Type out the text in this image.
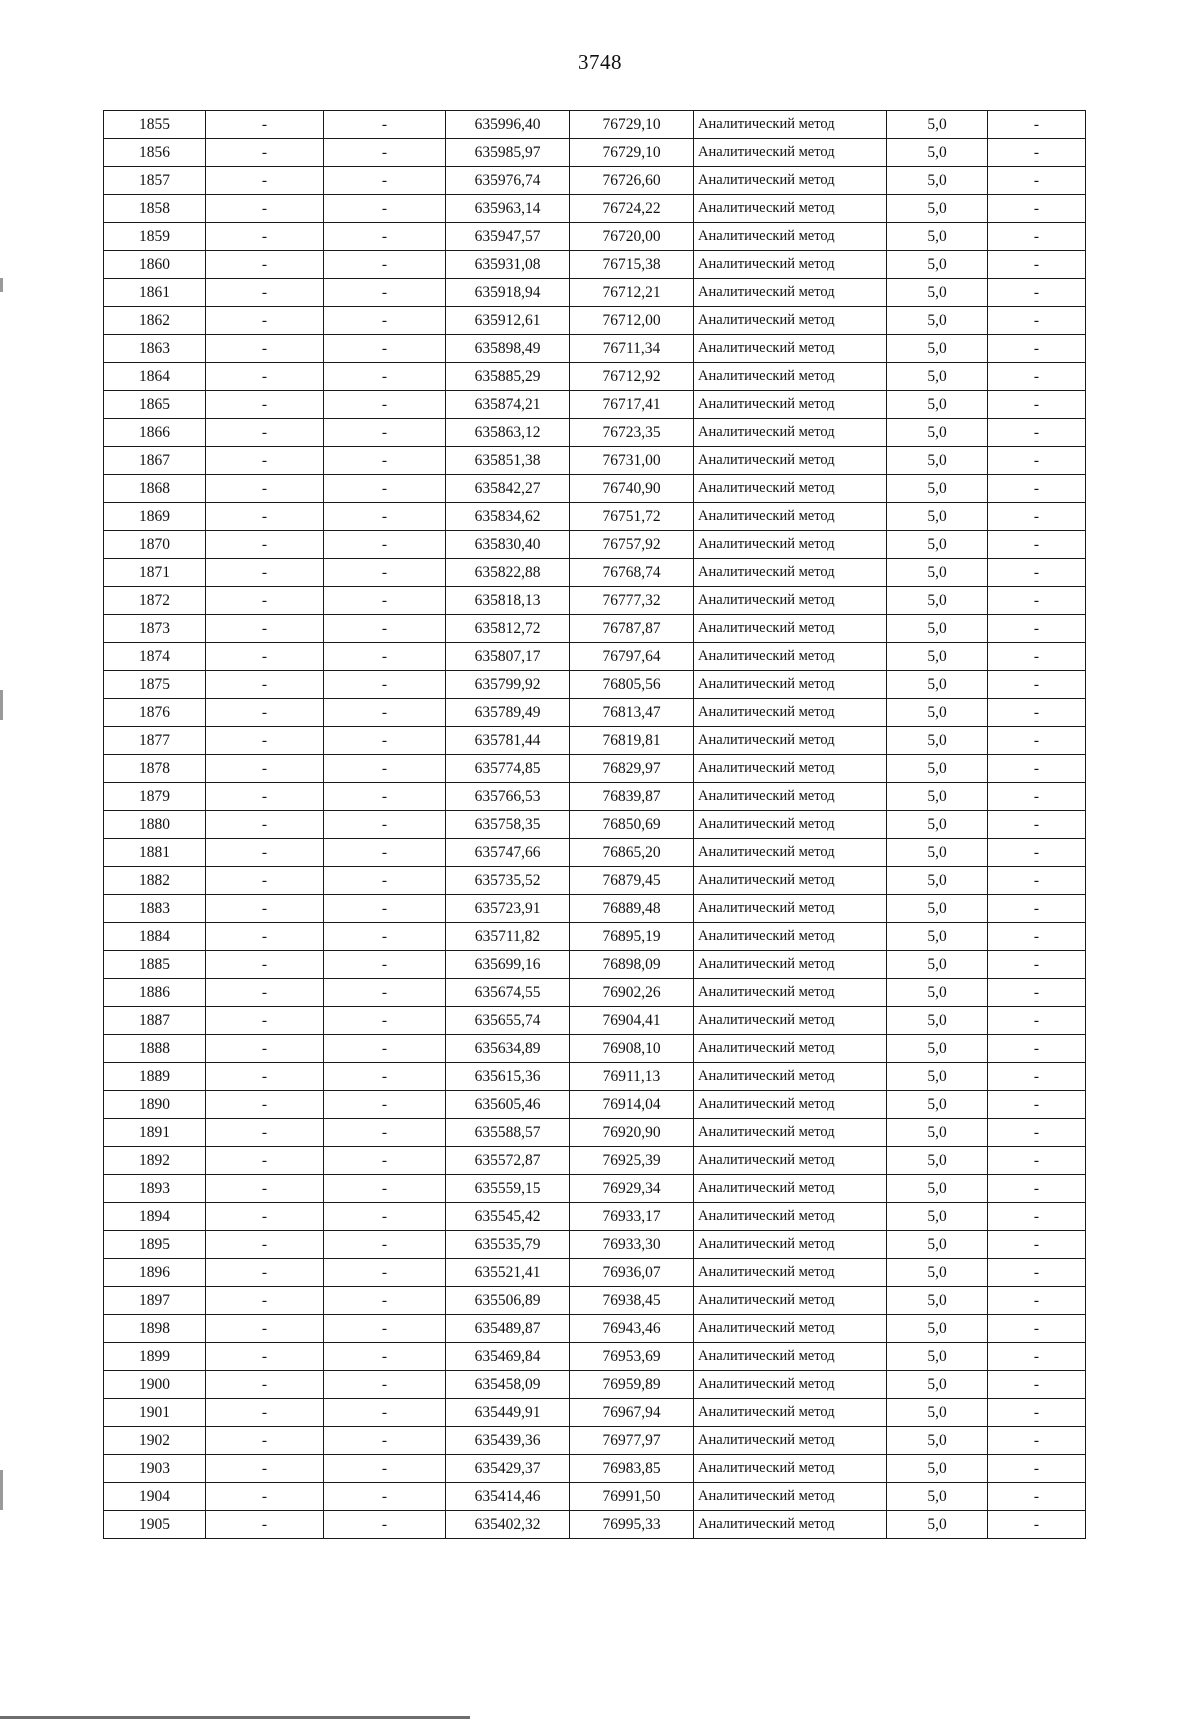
3748
1855	-	-	635996,40	76729,10	Аналитический метод	5,0	-
1856	-	-	635985,97	76729,10	Аналитический метод	5,0	-
1857	-	-	635976,74	76726,60	Аналитический метод	5,0	-
1858	-	-	635963,14	76724,22	Аналитический метод	5,0	-
1859	-	-	635947,57	76720,00	Аналитический метод	5,0	-
1860	-	-	635931,08	76715,38	Аналитический метод	5,0	-
1861	-	-	635918,94	76712,21	Аналитический метод	5,0	-
1862	-	-	635912,61	76712,00	Аналитический метод	5,0	-
1863	-	-	635898,49	76711,34	Аналитический метод	5,0	-
1864	-	-	635885,29	76712,92	Аналитический метод	5,0	-
1865	-	-	635874,21	76717,41	Аналитический метод	5,0	-
1866	-	-	635863,12	76723,35	Аналитический метод	5,0	-
1867	-	-	635851,38	76731,00	Аналитический метод	5,0	-
1868	-	-	635842,27	76740,90	Аналитический метод	5,0	-
1869	-	-	635834,62	76751,72	Аналитический метод	5,0	-
1870	-	-	635830,40	76757,92	Аналитический метод	5,0	-
1871	-	-	635822,88	76768,74	Аналитический метод	5,0	-
1872	-	-	635818,13	76777,32	Аналитический метод	5,0	-
1873	-	-	635812,72	76787,87	Аналитический метод	5,0	-
1874	-	-	635807,17	76797,64	Аналитический метод	5,0	-
1875	-	-	635799,92	76805,56	Аналитический метод	5,0	-
1876	-	-	635789,49	76813,47	Аналитический метод	5,0	-
1877	-	-	635781,44	76819,81	Аналитический метод	5,0	-
1878	-	-	635774,85	76829,97	Аналитический метод	5,0	-
1879	-	-	635766,53	76839,87	Аналитический метод	5,0	-
1880	-	-	635758,35	76850,69	Аналитический метод	5,0	-
1881	-	-	635747,66	76865,20	Аналитический метод	5,0	-
1882	-	-	635735,52	76879,45	Аналитический метод	5,0	-
1883	-	-	635723,91	76889,48	Аналитический метод	5,0	-
1884	-	-	635711,82	76895,19	Аналитический метод	5,0	-
1885	-	-	635699,16	76898,09	Аналитический метод	5,0	-
1886	-	-	635674,55	76902,26	Аналитический метод	5,0	-
1887	-	-	635655,74	76904,41	Аналитический метод	5,0	-
1888	-	-	635634,89	76908,10	Аналитический метод	5,0	-
1889	-	-	635615,36	76911,13	Аналитический метод	5,0	-
1890	-	-	635605,46	76914,04	Аналитический метод	5,0	-
1891	-	-	635588,57	76920,90	Аналитический метод	5,0	-
1892	-	-	635572,87	76925,39	Аналитический метод	5,0	-
1893	-	-	635559,15	76929,34	Аналитический метод	5,0	-
1894	-	-	635545,42	76933,17	Аналитический метод	5,0	-
1895	-	-	635535,79	76933,30	Аналитический метод	5,0	-
1896	-	-	635521,41	76936,07	Аналитический метод	5,0	-
1897	-	-	635506,89	76938,45	Аналитический метод	5,0	-
1898	-	-	635489,87	76943,46	Аналитический метод	5,0	-
1899	-	-	635469,84	76953,69	Аналитический метод	5,0	-
1900	-	-	635458,09	76959,89	Аналитический метод	5,0	-
1901	-	-	635449,91	76967,94	Аналитический метод	5,0	-
1902	-	-	635439,36	76977,97	Аналитический метод	5,0	-
1903	-	-	635429,37	76983,85	Аналитический метод	5,0	-
1904	-	-	635414,46	76991,50	Аналитический метод	5,0	-
1905	-	-	635402,32	76995,33	Аналитический метод	5,0	-
